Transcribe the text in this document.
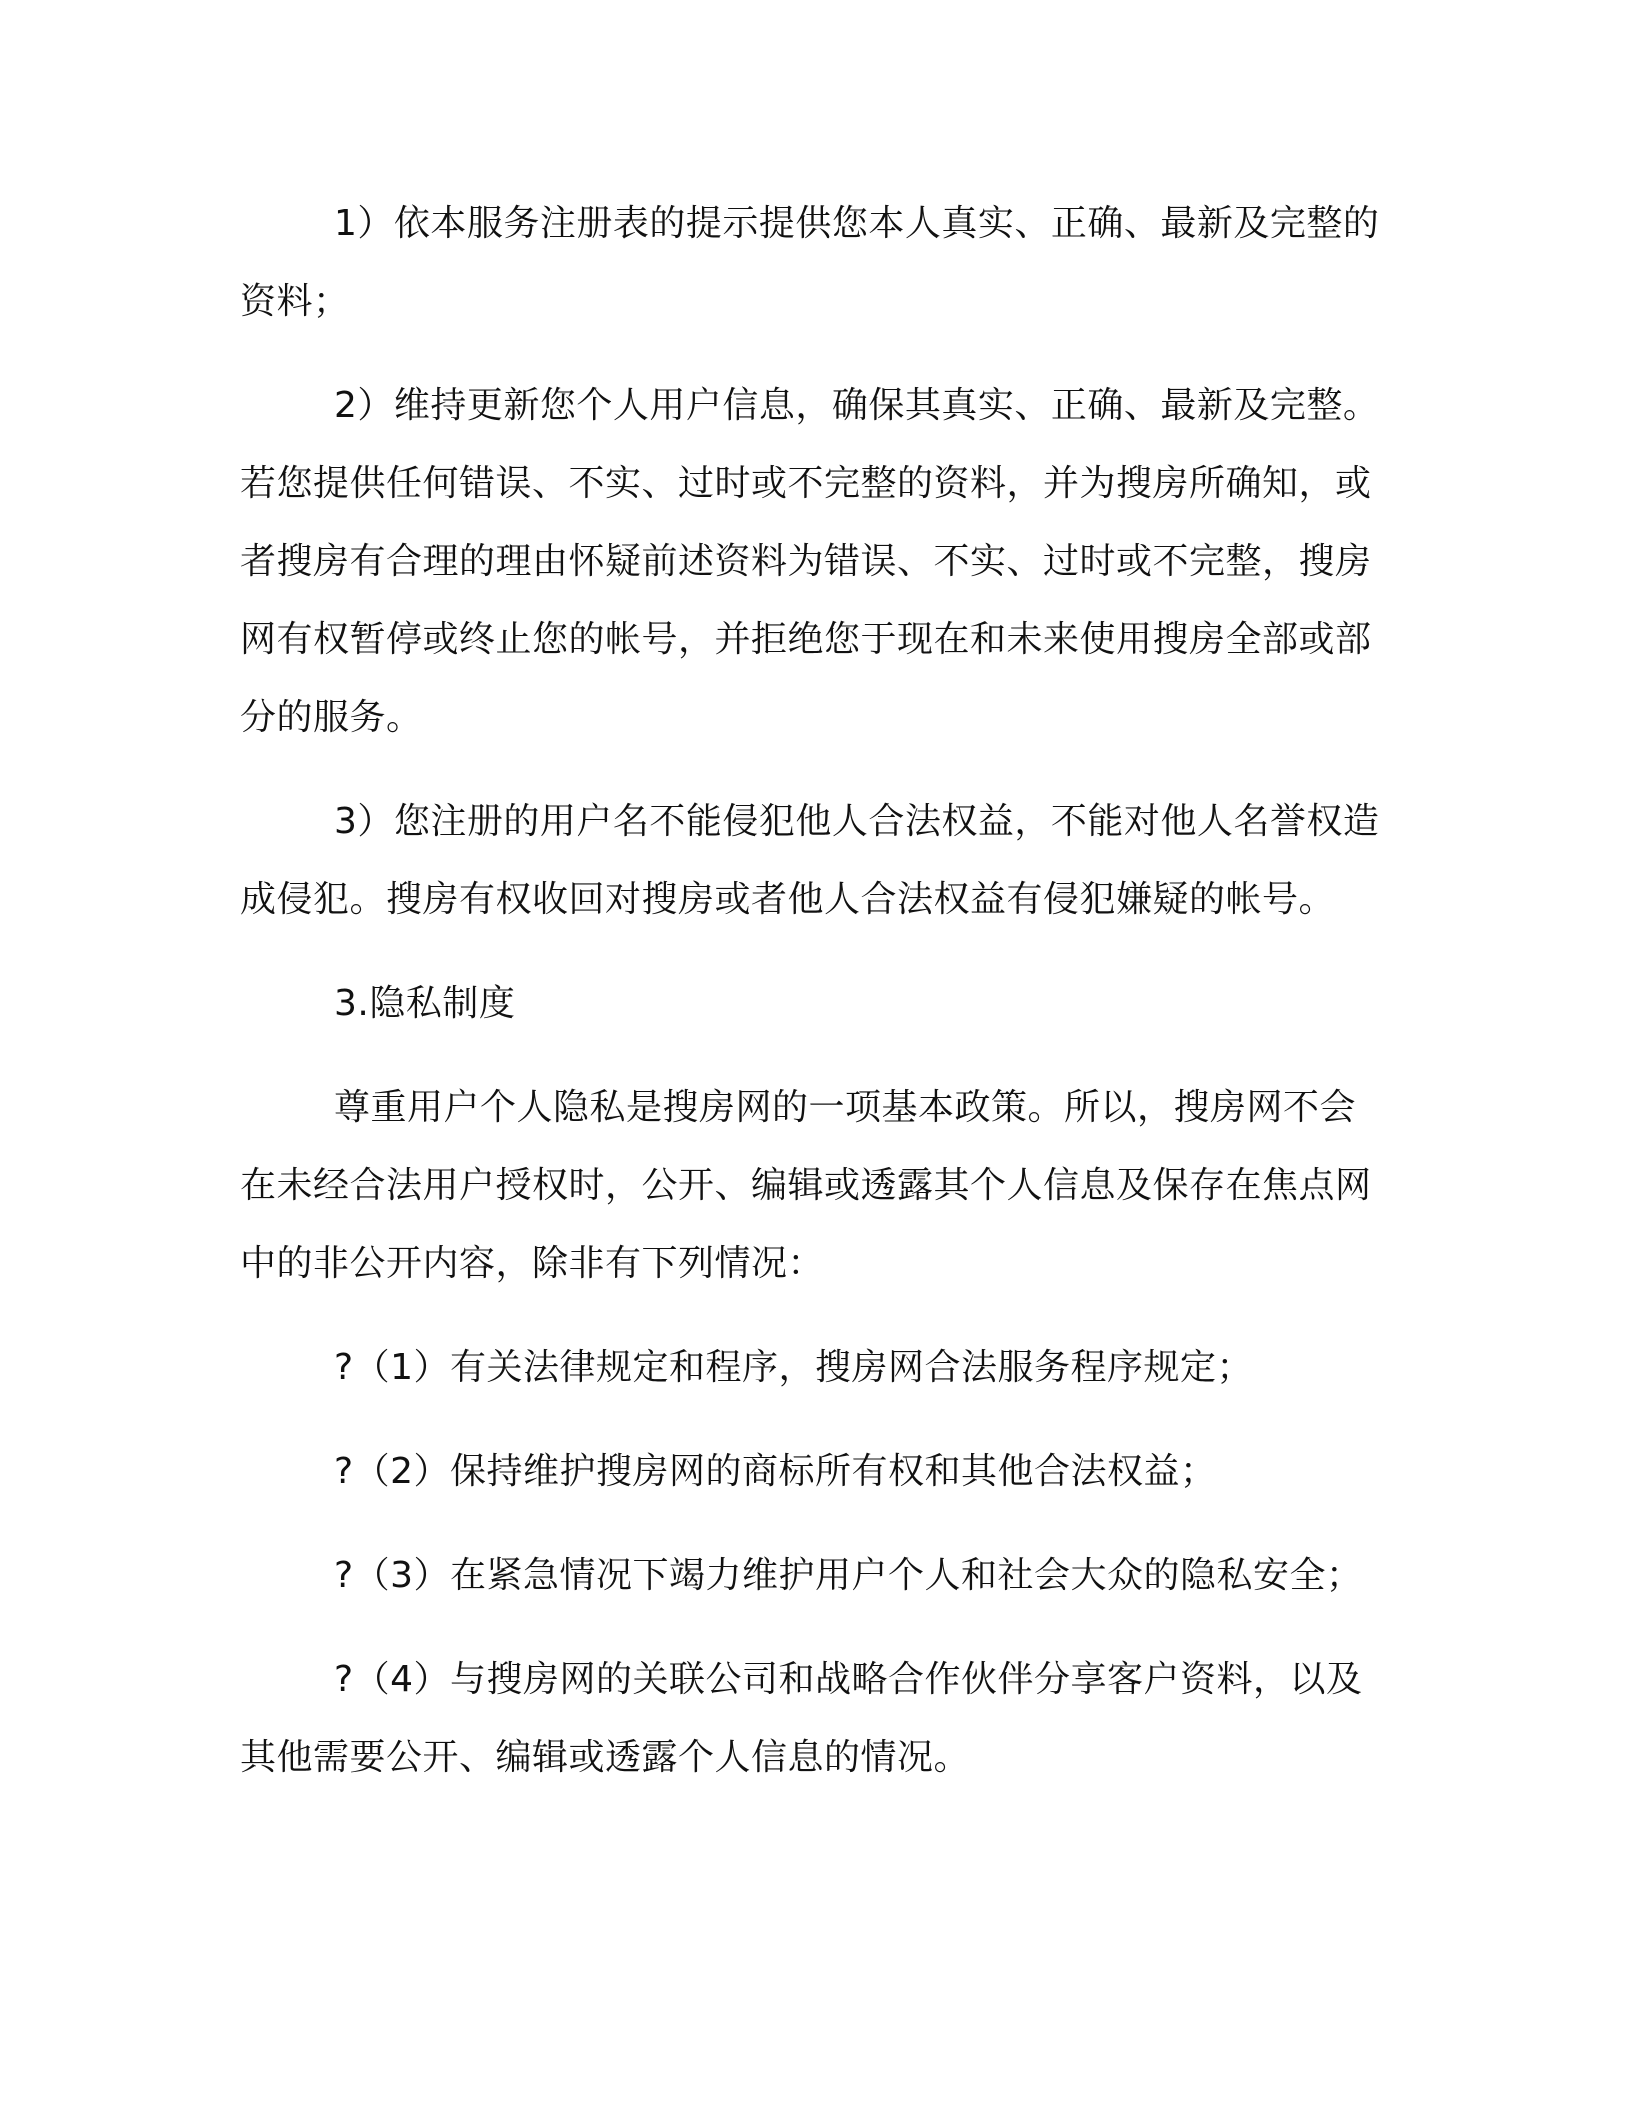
1）依本服务注册表的提示提供您本人真实、正确、最新及完整的资料；

2）维持更新您个人用户信息，确保其真实、正确、最新及完整。若您提供任何错误、不实、过时或不完整的资料，并为搜房所确知，或者搜房有合理的理由怀疑前述资料为错误、不实、过时或不完整，搜房网有权暂停或终止您的帐号，并拒绝您于现在和未来使用搜房全部或部分的服务。

3）您注册的用户名不能侵犯他人合法权益，不能对他人名誉权造成侵犯。搜房有权收回对搜房或者他人合法权益有侵犯嫌疑的帐号。

3.隐私制度

尊重用户个人隐私是搜房网的一项基本政策。所以，搜房网不会在未经合法用户授权时，公开、编辑或透露其个人信息及保存在焦点网中的非公开内容，除非有下列情况：

?（1）有关法律规定和程序，搜房网合法服务程序规定；

?（2）保持维护搜房网的商标所有权和其他合法权益；

?（3）在紧急情况下竭力维护用户个人和社会大众的隐私安全；

?（4）与搜房网的关联公司和战略合作伙伴分享客户资料，以及其他需要公开、编辑或透露个人信息的情况。
